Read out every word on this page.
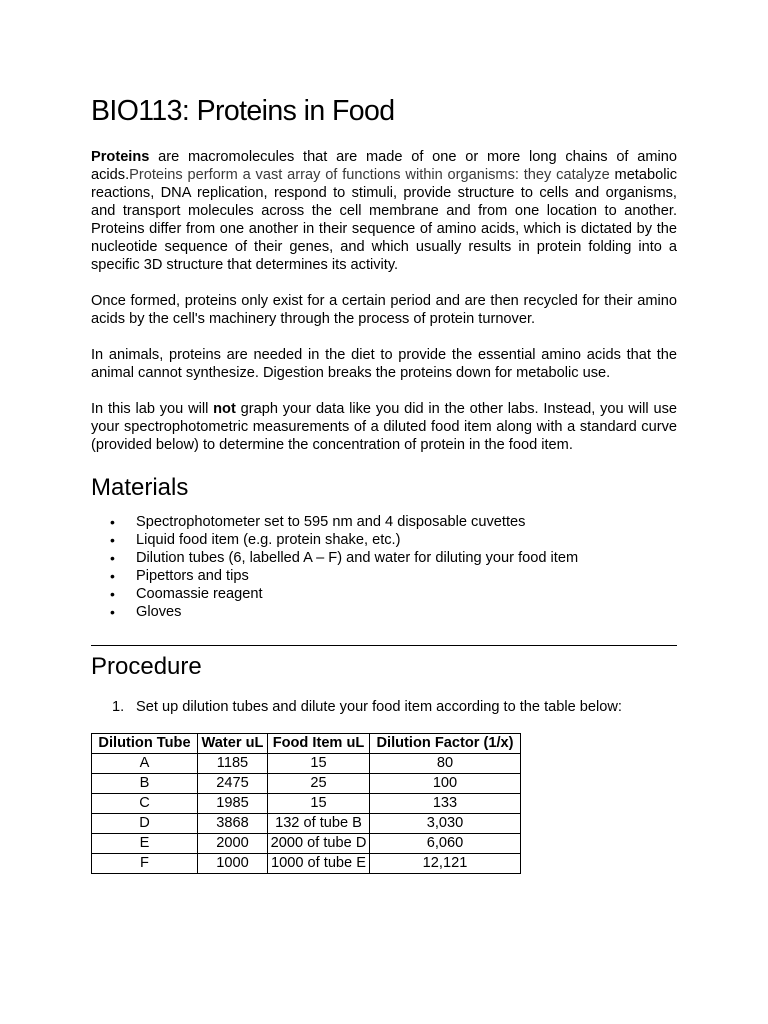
BIO113: Proteins in Food

Proteins are macromolecules that are made of one or more long chains of amino acids.Proteins perform a vast array of functions within organisms: they catalyze metabolic reactions, DNA replication, respond to stimuli, provide structure to cells and organisms, and transport molecules across the cell membrane and from one location to another. Proteins differ from one another in their sequence of amino acids, which is dictated by the nucleotide sequence of their genes, and which usually results in protein folding into a specific 3D structure that determines its activity.

Once formed, proteins only exist for a certain period and are then recycled for their amino acids by the cell's machinery through the process of protein turnover.

In animals, proteins are needed in the diet to provide the essential amino acids that the animal cannot synthesize. Digestion breaks the proteins down for metabolic use.

In this lab you will not graph your data like you did in the other labs. Instead, you will use your spectrophotometric measurements of a diluted food item along with a standard curve (provided below) to determine the concentration of protein in the food item.

Materials
• Spectrophotometer set to 595 nm and 4 disposable cuvettes
• Liquid food item (e.g. protein shake, etc.)
• Dilution tubes (6, labelled A – F) and water for diluting your food item
• Pipettors and tips
• Coomassie reagent
• Gloves
Procedure
1. Set up dilution tubes and dilute your food item according to the table below:
Dilution Tube	Water uL	Food Item uL	Dilution Factor (1/x)
A	1185	15	80
B	2475	25	100
C	1985	15	133
D	3868	132 of tube B	3,030
E	2000	2000 of tube D	6,060
F	1000	1000 of tube E	12,121
